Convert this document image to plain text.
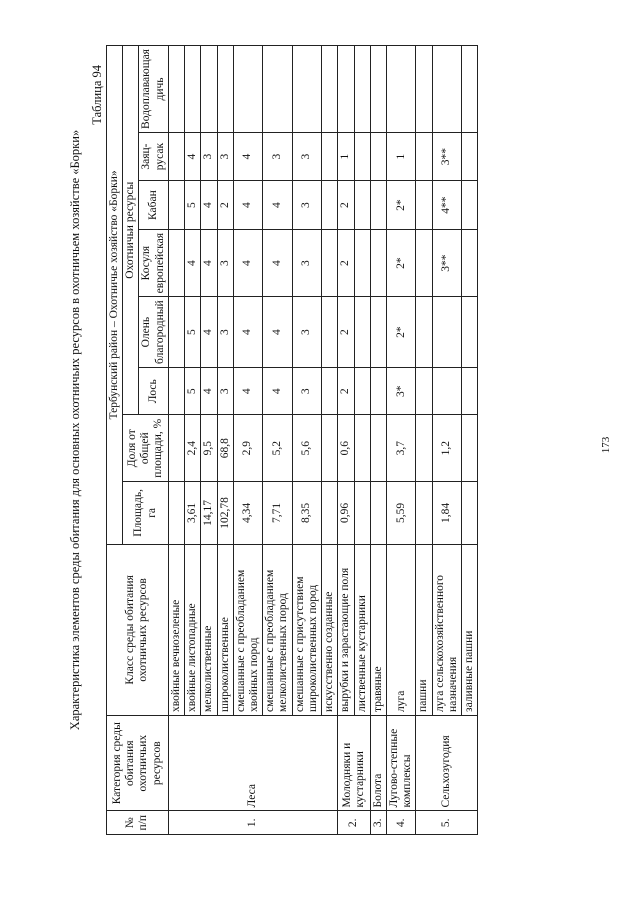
Характеристика элементов среды обитания для основных охотничьих ресурсов в охотничьем хозяйстве «Борки»
Таблица 94
№ п/п	Категория среды обитания охотничьих ресурсов	Класс среды обитания охотничьих ресурсов	Тербунский район – Охотничье хозяйство «Борки»							
			Площадь, га	Доля от общей площади, %	Охотничьи ресурсы					
					Лось	Олень благородный	Косуля европейская	Кабан	Заяц-русак	Водоплавающая дичь
1.	Леса	хвойные вечнозеленые								
		хвойные листопадные	3,61	2,4	5	5	4	5	4	
		мелколиственные	14,17	9,5	4	4	4	4	3	
		широколиственные	102,78	68,8	3	3	3	2	3	
		смешанные с преобладанием хвойных пород	4,34	2,9	4	4	4	4	4	
		смешанные с преобладанием мелколиственных пород	7,71	5,2	4	4	4	4	3	
		смешанные с присутствием широколиственных пород	8,35	5,6	3	3	3	3	3	
		искусственно созданные								
2.	Молодняки и кустарники	вырубки и зарастающие поля	0,96	0,6	2	2	2	2	1	
		лиственные кустарники								
3.	Болота	травяные								
4.	Лугово-степные комплексы	луга	5,59	3,7	3*	2*	2*	2*	1	
5.	Сельхозугодия	пашни								
		луга сельскохозяйственного назначения	1,84	1,2			3**	4**	3**	
		заливные пашни								
173
